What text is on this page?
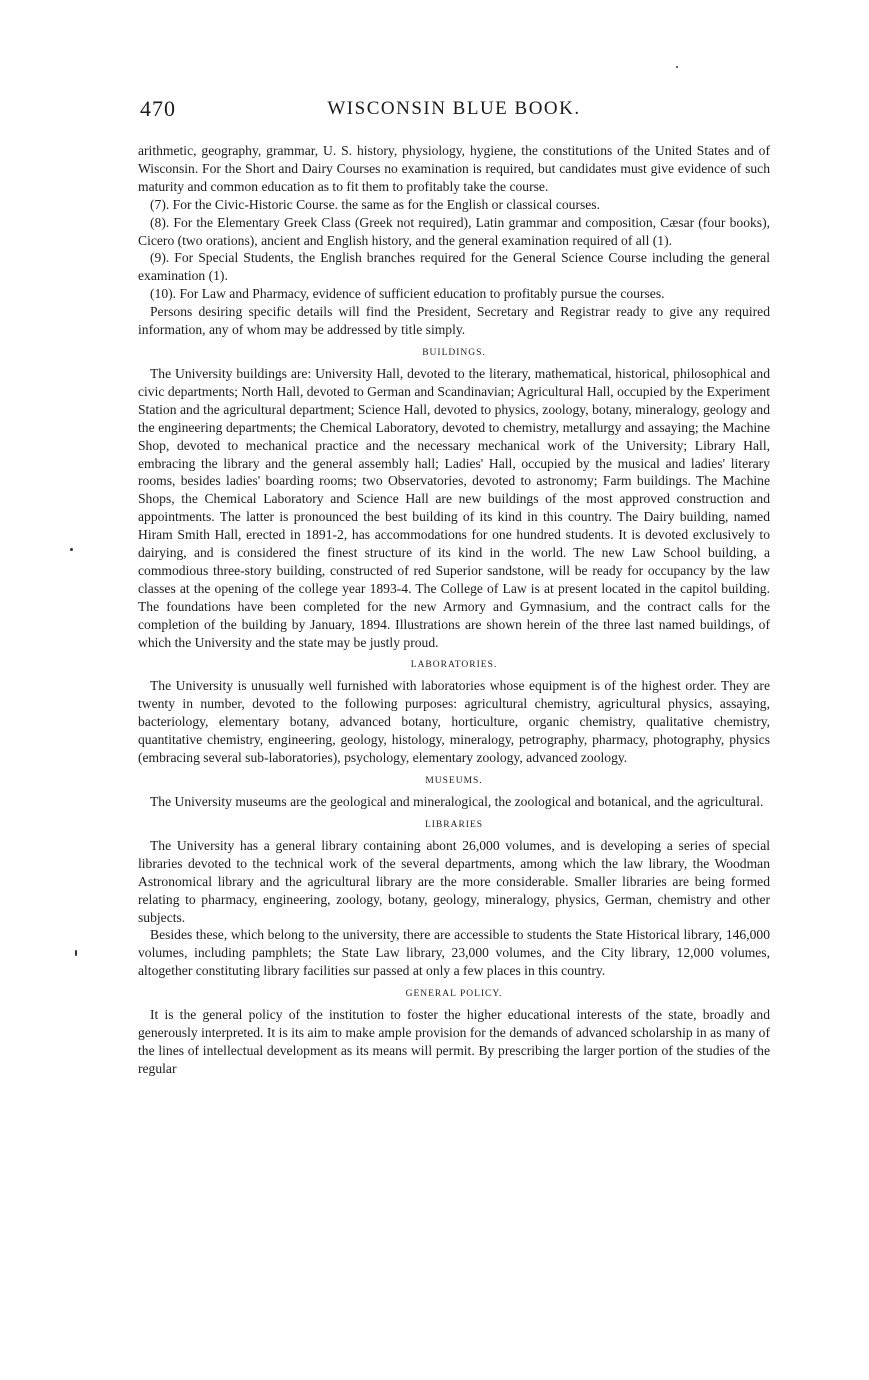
470	WISCONSIN BLUE BOOK.

arithmetic, geography, grammar, U. S. history, physiology, hygiene, the constitutions of the United States and of Wisconsin. For the Short and Dairy Courses no examination is required, but candidates must give evidence of such maturity and common education as to fit them to profitably take the course.

(7). For the Civic-Historic Course. the same as for the English or classical courses.

(8). For the Elementary Greek Class (Greek not required), Latin grammar and composition, Cæsar (four books), Cicero (two orations), ancient and English history, and the general examination required of all (1).

(9). For Special Students, the English branches required for the General Science Course including the general examination (1).

(10). For Law and Pharmacy, evidence of sufficient education to profitably pursue the courses.

Persons desiring specific details will find the President, Secretary and Registrar ready to give any required information, any of whom may be addressed by title simply.

BUILDINGS.

The University buildings are: University Hall, devoted to the literary, mathematical, historical, philosophical and civic departments; North Hall, devoted to German and Scandinavian; Agricultural Hall, occupied by the Experiment Station and the agricultural department; Science Hall, devoted to physics, zoology, botany, mineralogy, geology and the engineering departments; the Chemical Laboratory, devoted to chemistry, metallurgy and assaying; the Machine Shop, devoted to mechanical practice and the necessary mechanical work of the University; Library Hall, embracing the library and the general assembly hall; Ladies' Hall, occupied by the musical and ladies' literary rooms, besides ladies' boarding rooms; two Observatories, devoted to astronomy; Farm buildings. The Machine Shops, the Chemical Laboratory and Science Hall are new buildings of the most approved construction and appointments. The latter is pronounced the best building of its kind in this country. The Dairy building, named Hiram Smith Hall, erected in 1891-2, has accommodations for one hundred students. It is devoted exclusively to dairying, and is considered the finest structure of its kind in the world. The new Law School building, a commodious three-story building, constructed of red Superior sandstone, will be ready for occupancy by the law classes at the opening of the college year 1893-4. The College of Law is at present located in the capitol building. The foundations have been completed for the new Armory and Gymnasium, and the contract calls for the completion of the building by January, 1894. Illustrations are shown herein of the three last named buildings, of which the University and the state may be justly proud.

LABORATORIES.

The University is unusually well furnished with laboratories whose equipment is of the highest order. They are twenty in number, devoted to the following purposes: agricultural chemistry, agricultural physics, assaying, bacteriology, elementary botany, advanced botany, horticulture, organic chemistry, qualitative chemistry, quantitative chemistry, engineering, geology, histology, mineralogy, petrography, pharmacy, photography, physics (embracing several sub-laboratories), psychology, elementary zoology, advanced zoology.

MUSEUMS.

The University museums are the geological and mineralogical, the zoological and botanical, and the agricultural.

LIBRARIES

The University has a general library containing abont 26,000 volumes, and is developing a series of special libraries devoted to the technical work of the several departments, among which the law library, the Woodman Astronomical library and the agricultural library are the more considerable. Smaller libraries are being formed relating to pharmacy, engineering, zoology, botany, geology, mineralogy, physics, German, chemistry and other subjects.

Besides these, which belong to the university, there are accessible to students the State Historical library, 146,000 volumes, including pamphlets; the State Law library, 23,000 volumes, and the City library, 12,000 volumes, altogether constituting library facilities sur passed at only a few places in this country.

GENERAL POLICY.

It is the general policy of the institution to foster the higher educational interests of the state, broadly and generously interpreted. It is its aim to make ample provision for the demands of advanced scholarship in as many of the lines of intellectual development as its means will permit. By prescribing the larger portion of the studies of the regular
